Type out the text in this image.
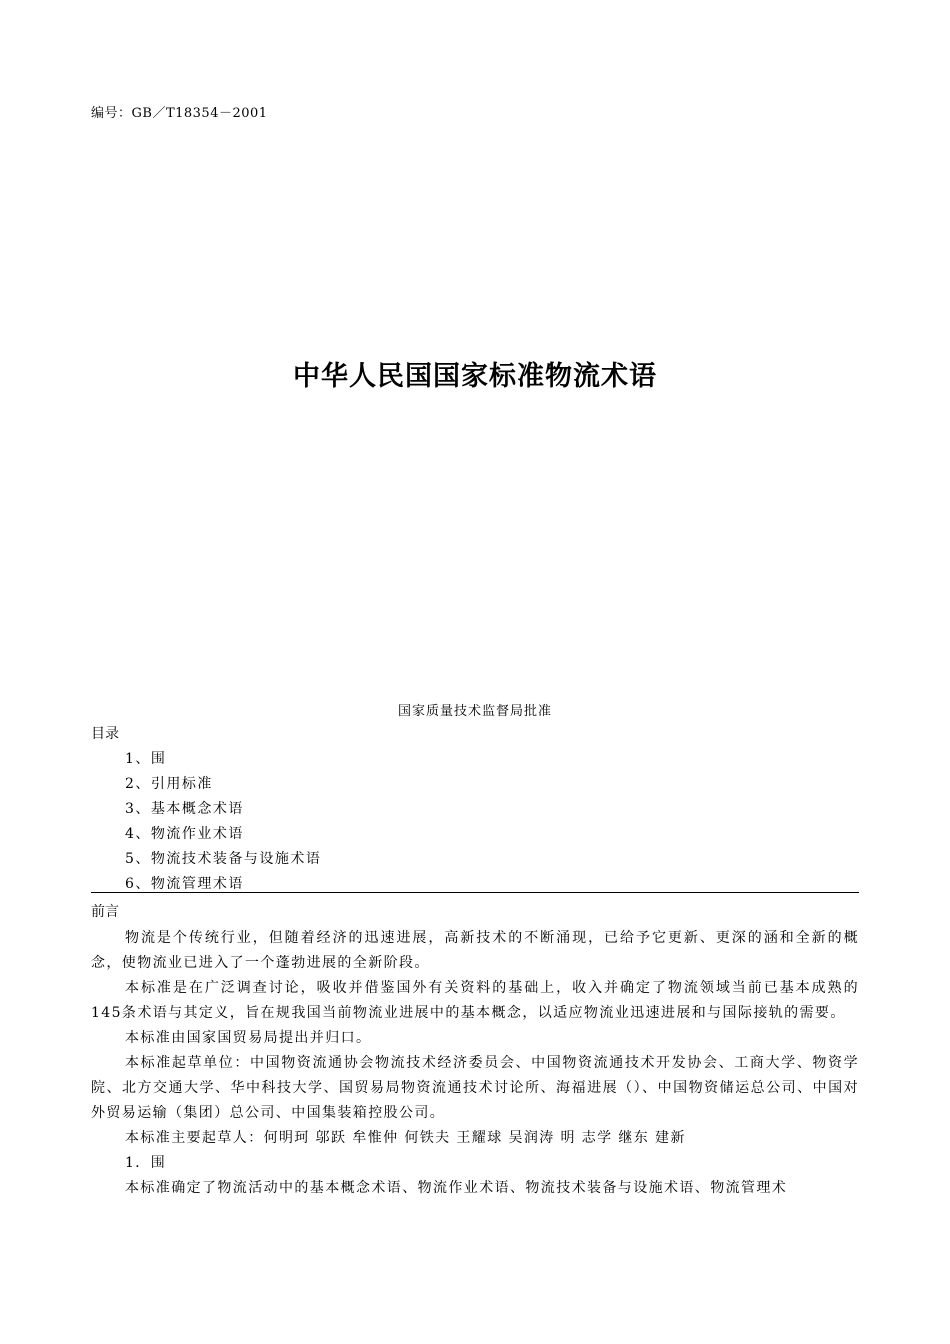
编号：GB／T18354－2001
中华人民国国家标准物流术语
国家质量技术监督局批准
目录
1、围
2、引用标准
3、基本概念术语
4、物流作业术语
5、物流技术装备与设施术语
6、物流管理术语
前言

物流是个传统行业，但随着经济的迅速进展，高新技术的不断涌现，已给予它更新、更深的涵和全新的概念，使物流业已进入了一个蓬勃进展的全新阶段。

本标准是在广泛调查讨论，吸收并借鉴国外有关资料的基础上，收入并确定了物流领域当前已基本成熟的145条术语与其定义，旨在规我国当前物流业进展中的基本概念，以适应物流业迅速进展和与国际接轨的需要。

本标准由国家国贸易局提出并归口。

本标准起草单位：中国物资流通协会物流技术经济委员会、中国物资流通技术开发协会、工商大学、物资学院、北方交通大学、华中科技大学、国贸易局物资流通技术讨论所、海福进展（）、中国物资储运总公司、中国对外贸易运输（集团）总公司、中国集装箱控股公司。

本标准主要起草人：何明珂 邬跃 牟惟仲 何铁夫 王耀球 吴润涛 明 志学 继东 建新

1．围

本标准确定了物流活动中的基本概念术语、物流作业术语、物流技术装备与设施术语、物流管理术
